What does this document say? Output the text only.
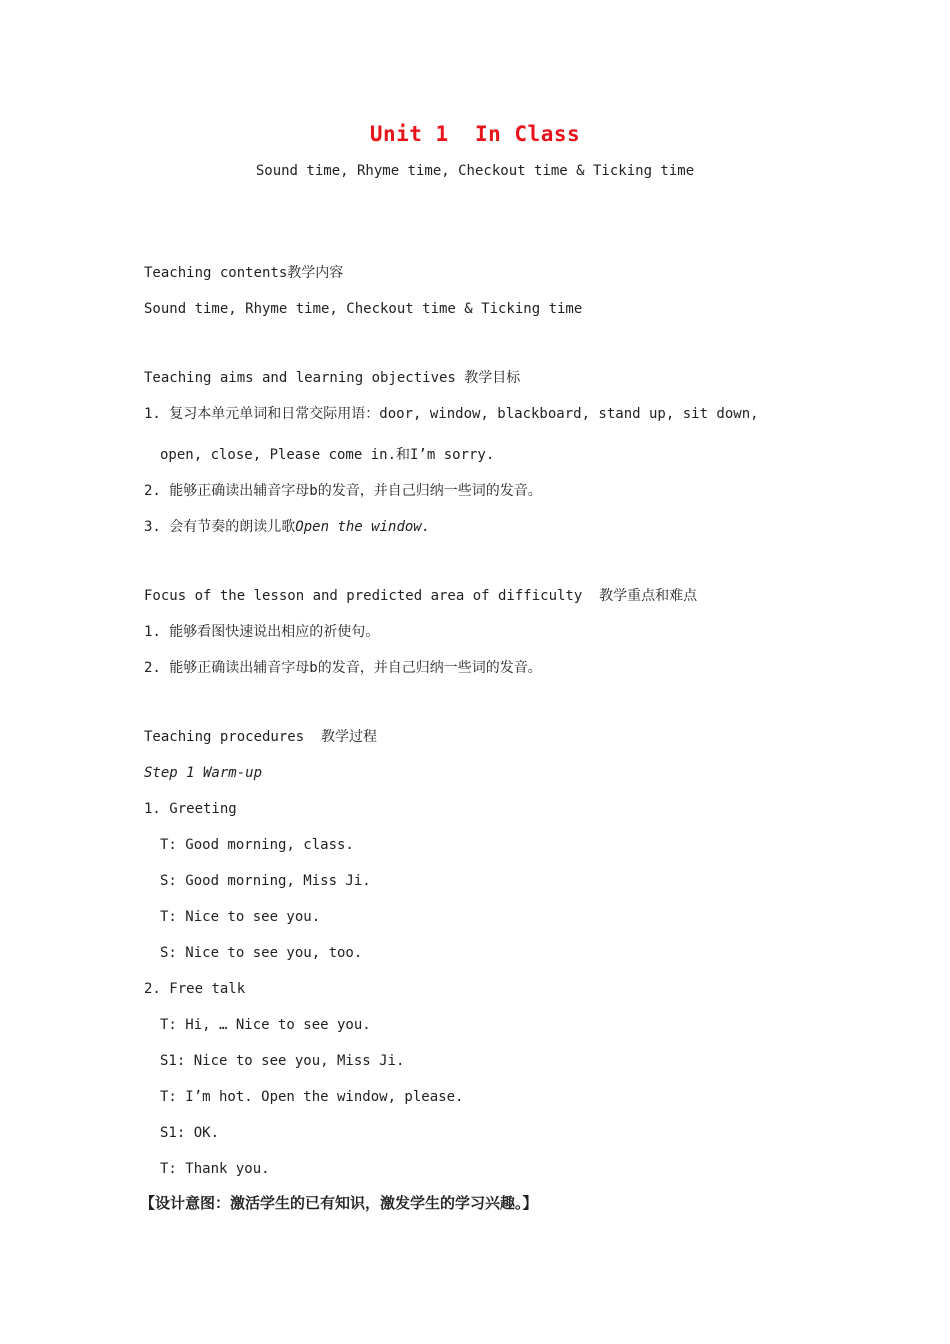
Unit 1  In Class
Sound time, Rhyme time, Checkout time & Ticking time
Teaching contents教学内容
Sound time, Rhyme time, Checkout time & Ticking time
Teaching aims and learning objectives 教学目标
1. 复习本单元单词和日常交际用语：door, window, blackboard, stand up, sit down,
open, close, Please come in.和I’m sorry.
2. 能够正确读出辅音字母b的发音，并自己归纳一些词的发音。
3. 会有节奏的朗读儿歌Open the window.
Focus of the lesson and predicted area of difficulty  教学重点和难点
1. 能够看图快速说出相应的祈使句。
2. 能够正确读出辅音字母b的发音，并自己归纳一些词的发音。
Teaching procedures  教学过程
Step 1 Warm-up
1. Greeting
T: Good morning, class.
S: Good morning, Miss Ji.
T: Nice to see you.
S: Nice to see you, too.
2. Free talk
T: Hi, … Nice to see you.
S1: Nice to see you, Miss Ji.
T: I’m hot. Open the window, please.
S1: OK.
T: Thank you.
【设计意图：激活学生的已有知识，激发学生的学习兴趣。】
